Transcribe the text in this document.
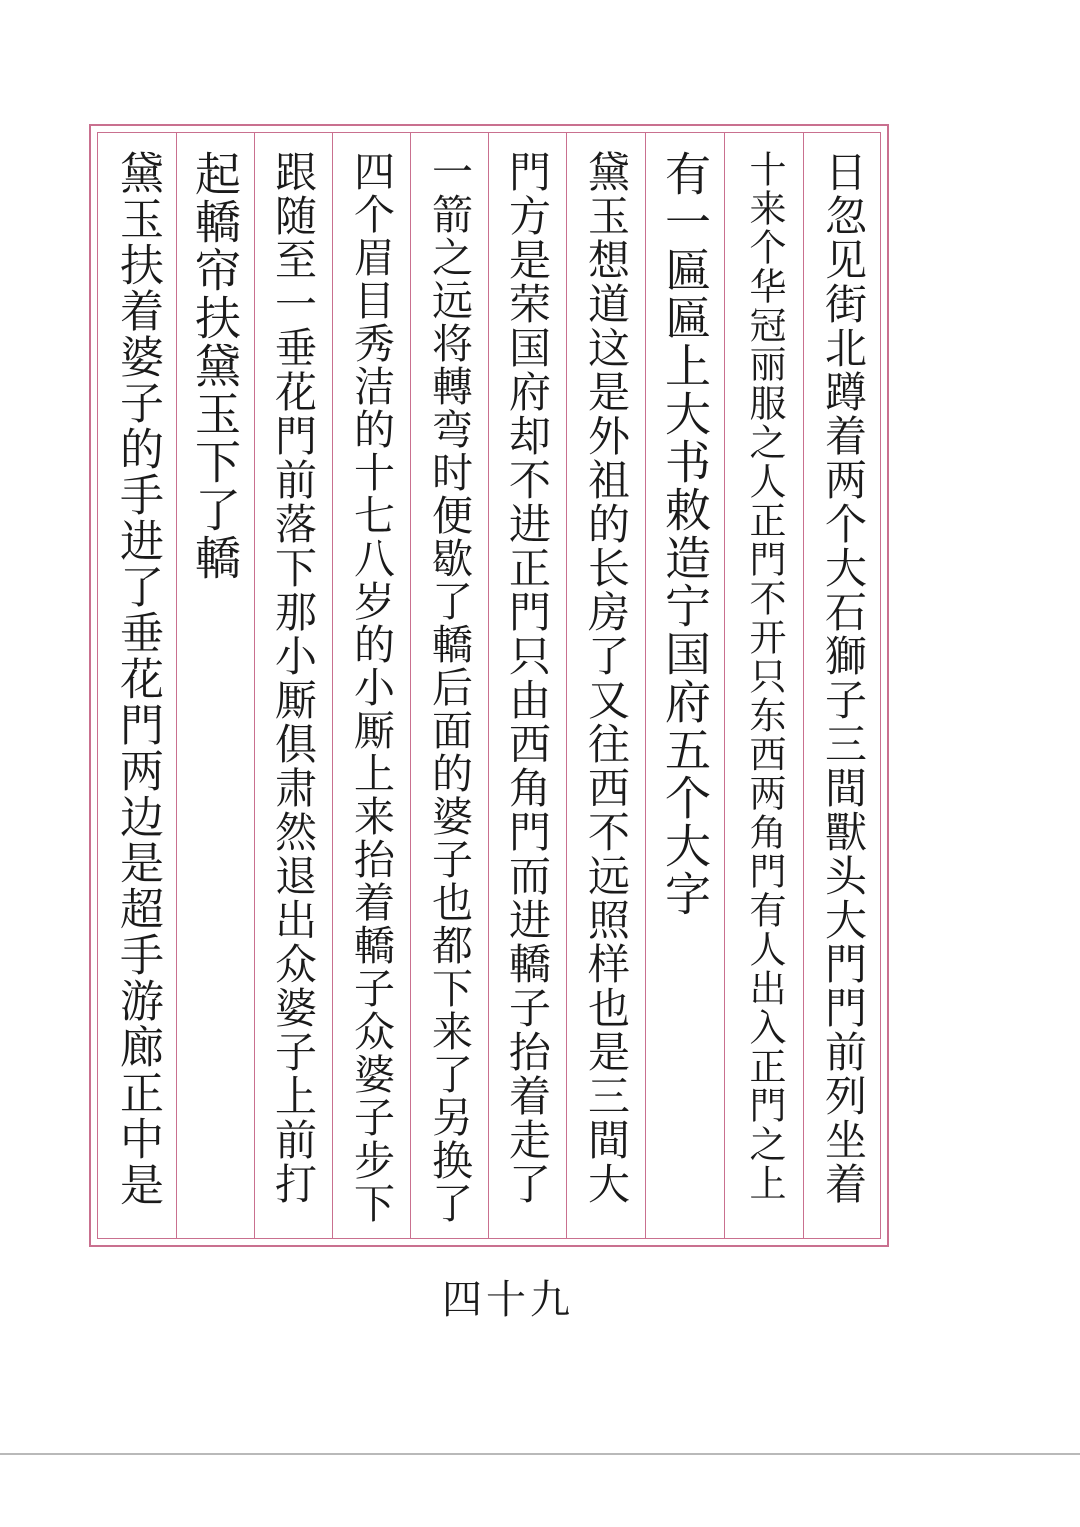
日忽见街北蹲着两个大石獅子三間獸头大門門前列坐着
十来个华冠丽服之人正門不开只东西两角門有人出入正門之上
有一匾匾上大书敕造宁国府五个大字
黛玉想道这是外祖的长房了又往西不远照样也是三間大
門方是荣国府却不进正門只由西角門而进轎子抬着走了
一箭之远将轉弯时便歇了轎后面的婆子也都下来了另换了
四个眉目秀洁的十七八岁的小厮上来抬着轎子众婆子步下
跟随至一垂花門前落下那小厮俱肃然退出众婆子上前打
起轎帘扶黛玉下了轎
黛玉扶着婆子的手进了垂花門两边是超手游廊正中是
四十九
